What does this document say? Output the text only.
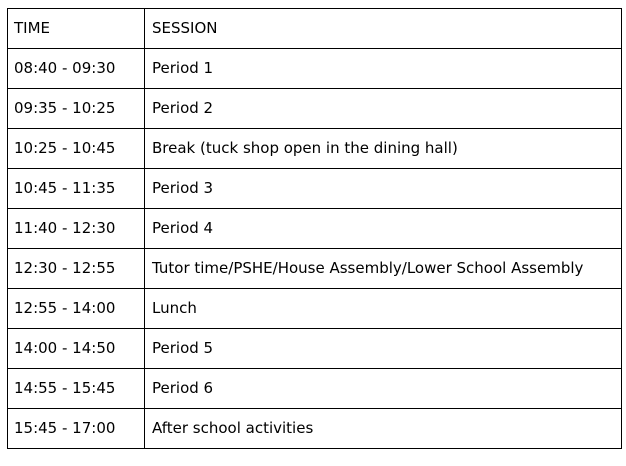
TIME	SESSION
08:40 - 09:30	Period 1
09:35 - 10:25	Period 2
10:25 - 10:45	Break (tuck shop open in the dining hall)
10:45 - 11:35	Period 3
11:40 - 12:30	Period 4
12:30 - 12:55	Tutor time/PSHE/House Assembly/Lower School Assembly
12:55 - 14:00	Lunch
14:00 - 14:50	Period 5
14:55 - 15:45	Period 6
15:45 - 17:00	After school activities
